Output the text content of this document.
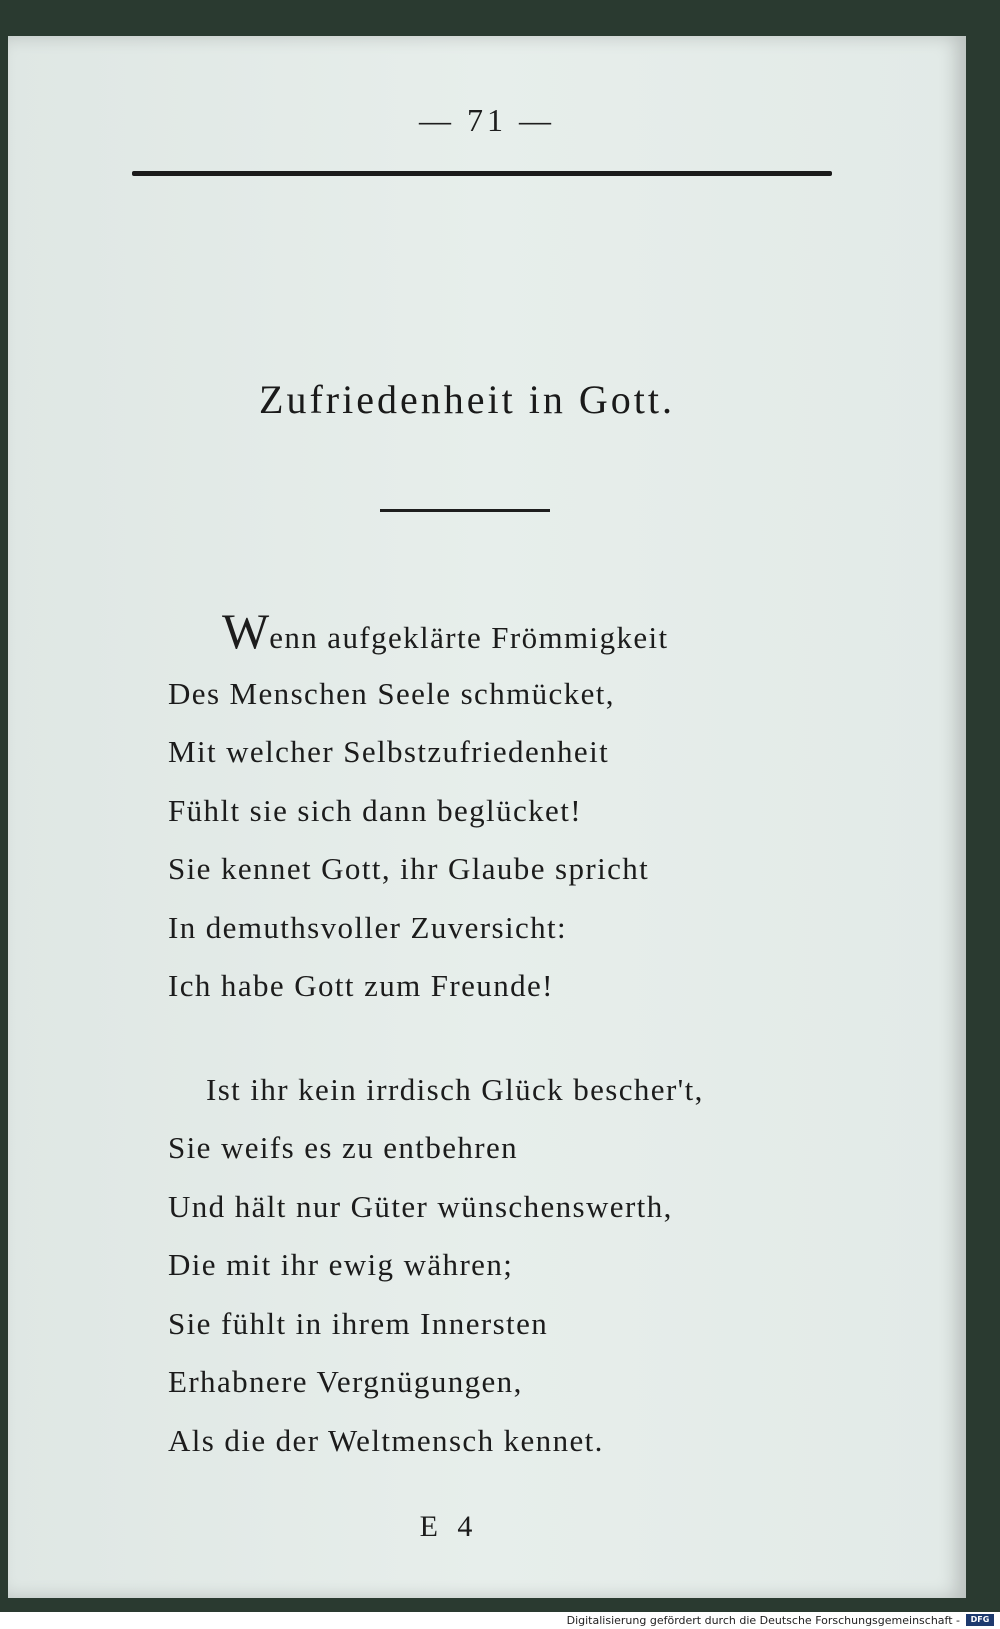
— 71 —
Zufriedenheit in Gott.
Wenn aufgeklärte Frömmigkeit
Des Menschen Seele schmücket,
Mit welcher Selbstzufriedenheit
Fühlt sie sich dann beglücket!
Sie kennet Gott, ihr Glaube spricht
In demuthsvoller Zuversicht:
Ich habe Gott zum Freunde!
Ist ihr kein irrdisch Glück bescher't,
Sie weifs es zu entbehren
Und hält nur Güter wünschenswerth,
Die mit ihr ewig währen;
Sie fühlt in ihrem Innersten
Erhabnere Vergnügungen,
Als die der Weltmensch kennet.
E 4
Digitalisierung gefördert durch die Deutsche Forschungsgemeinschaft -	DFG
